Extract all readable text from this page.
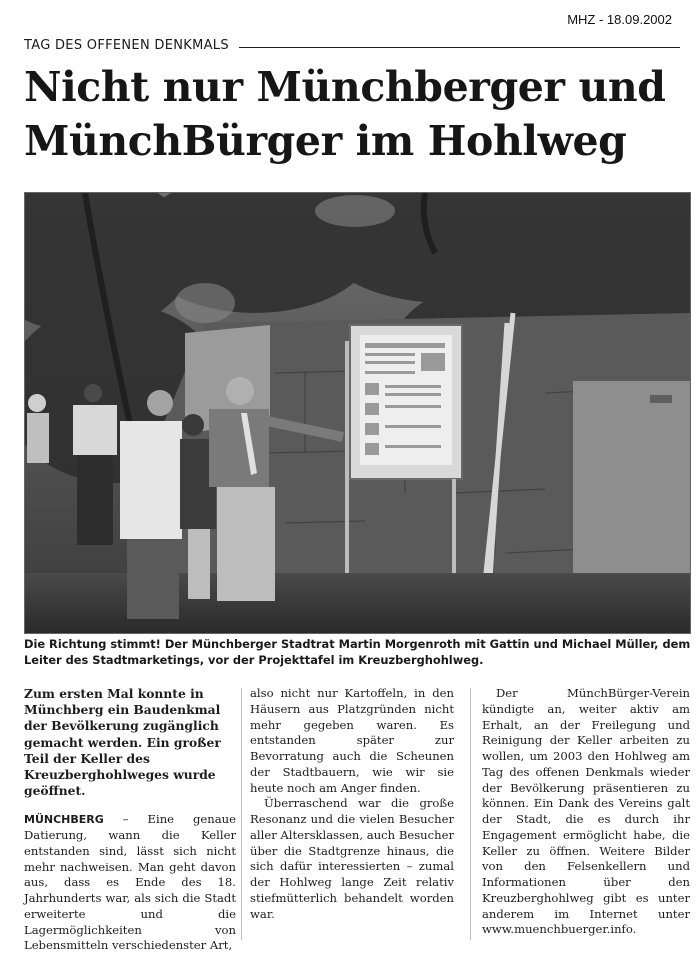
MHZ - 18.09.2002
TAG DES OFFENEN DENKMALS
Nicht nur Münchberger und
MünchBürger im Hohlweg

Die Richtung stimmt! Der Münchberger Stadtrat Martin Morgenroth mit Gattin und Michael Müller, dem Leiter des Stadtmarketings, vor der Projekttafel im Kreuzberghohlweg.

Zum ersten Mal konnte in Münchberg ein Baudenkmal der Bevölkerung zugänglich gemacht werden. Ein großer Teil der Keller des Kreuzberghohlweges wurde geöffnet.

MÜNCHBERG – Eine genaue Datierung, wann die Keller entstanden sind, lässt sich nicht mehr nachweisen. Man geht davon aus, dass es Ende des 18. Jahrhunderts war, als sich die Stadt erweiterte und die Lagermöglichkeiten von Lebensmitteln verschiedenster Art,

also nicht nur Kartoffeln, in den Häusern aus Platzgründen nicht mehr gegeben waren. Es entstanden später zur Bevorratung auch die Scheunen der Stadtbauern, wie wir sie heute noch am Anger finden.

Überraschend war die große Resonanz und die vielen Besucher aller Altersklassen, auch Besucher über die Stadtgrenze hinaus, die sich dafür interessierten – zumal der Hohlweg lange Zeit relativ stiefmütterlich behandelt worden war.

Der MünchBürger-Verein kündigte an, weiter aktiv am Erhalt, an der Freilegung und Reinigung der Keller arbeiten zu wollen, um 2003 den Hohlweg am Tag des offenen Denkmals wieder der Bevölkerung präsentieren zu können. Ein Dank des Vereins galt der Stadt, die es durch ihr Engagement ermöglicht habe, die Keller zu öffnen. Weitere Bilder von den Felsenkellern und Informationen über den Kreuzberghohlweg gibt es unter anderem im Internet unter www.muenchbuerger.info.
